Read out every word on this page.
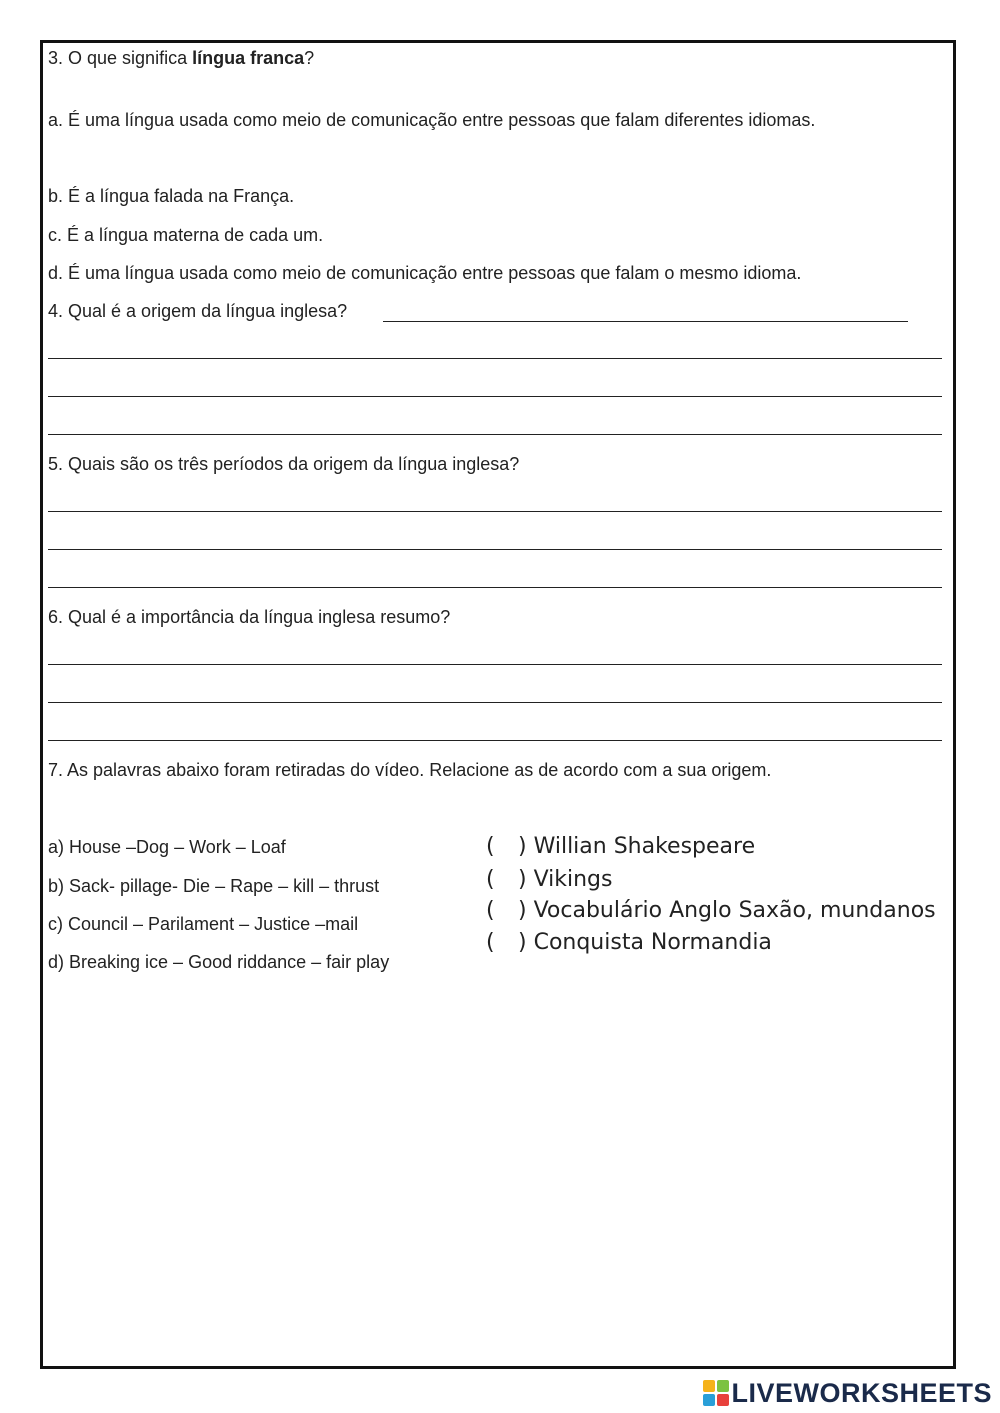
3. O que significa língua franca?
a. É uma língua usada como meio de comunicação entre pessoas que falam diferentes idiomas.
b. É a língua falada na França.
c. É a língua materna de cada um.
d. É uma língua usada como meio de comunicação entre pessoas que falam o mesmo idioma.
4. Qual é a origem da língua inglesa?
5. Quais são os três períodos da origem da língua inglesa?
6. Qual é a importância da língua inglesa resumo?
7. As palavras abaixo foram retiradas do vídeo. Relacione as de acordo com a sua origem.
a) House –Dog – Work – Loaf
b) Sack- pillage- Die – Rape – kill – thrust
c) Council – Parilament – Justice –mail
d) Breaking ice – Good riddance – fair play
( ) Willian Shakespeare
( ) Vikings
( ) Vocabulário Anglo Saxão, mundanos
( ) Conquista Normandia
LIVEWORKSHEETS
